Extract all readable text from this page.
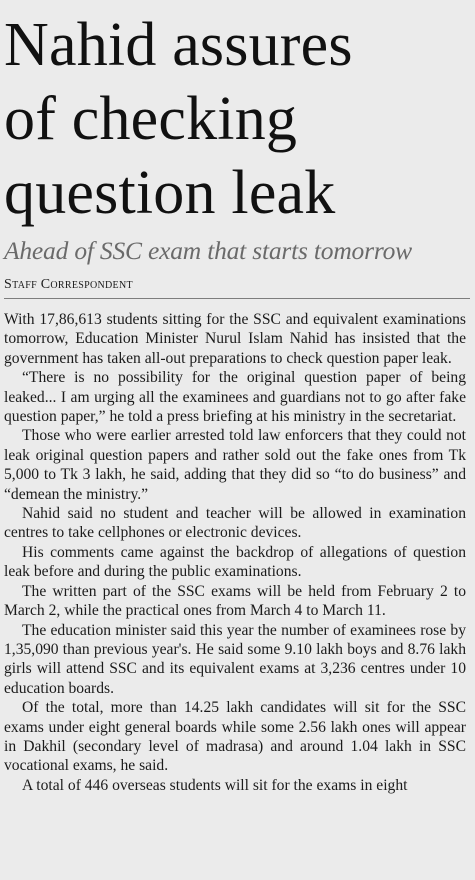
Nahid assures
of checking
question leak
Ahead of SSC exam that starts tomorrow
Staff Correspondent

With 17,86,613 students sitting for the SSC and equivalent examinations tomorrow, Education Minister Nurul Islam Nahid has insisted that the government has taken all-out preparations to check question paper leak.

“There is no possibility for the original question paper of being leaked... I am urging all the examinees and guardians not to go after fake question paper,” he told a press briefing at his ministry in the secretariat.

Those who were earlier arrested told law enforcers that they could not leak original question papers and rather sold out the fake ones from Tk 5,000 to Tk 3 lakh, he said, adding that they did so “to do business” and “demean the ministry.”

Nahid said no student and teacher will be allowed in examination centres to take cellphones or electronic devices.

His comments came against the backdrop of allegations of question leak before and during the public examinations.

The written part of the SSC exams will be held from February 2 to March 2, while the practical ones from March 4 to March 11.

The education minister said this year the number of examinees rose by 1,35,090 than previous year's. He said some 9.10 lakh boys and 8.76 lakh girls will attend SSC and its equivalent exams at 3,236 centres under 10 education boards.

Of the total, more than 14.25 lakh candidates will sit for the SSC exams under eight general boards while some 2.56 lakh ones will appear in Dakhil (secondary level of madrasa) and around 1.04 lakh in SSC vocational exams, he said.

A total of 446 overseas students will sit for the exams in eight
